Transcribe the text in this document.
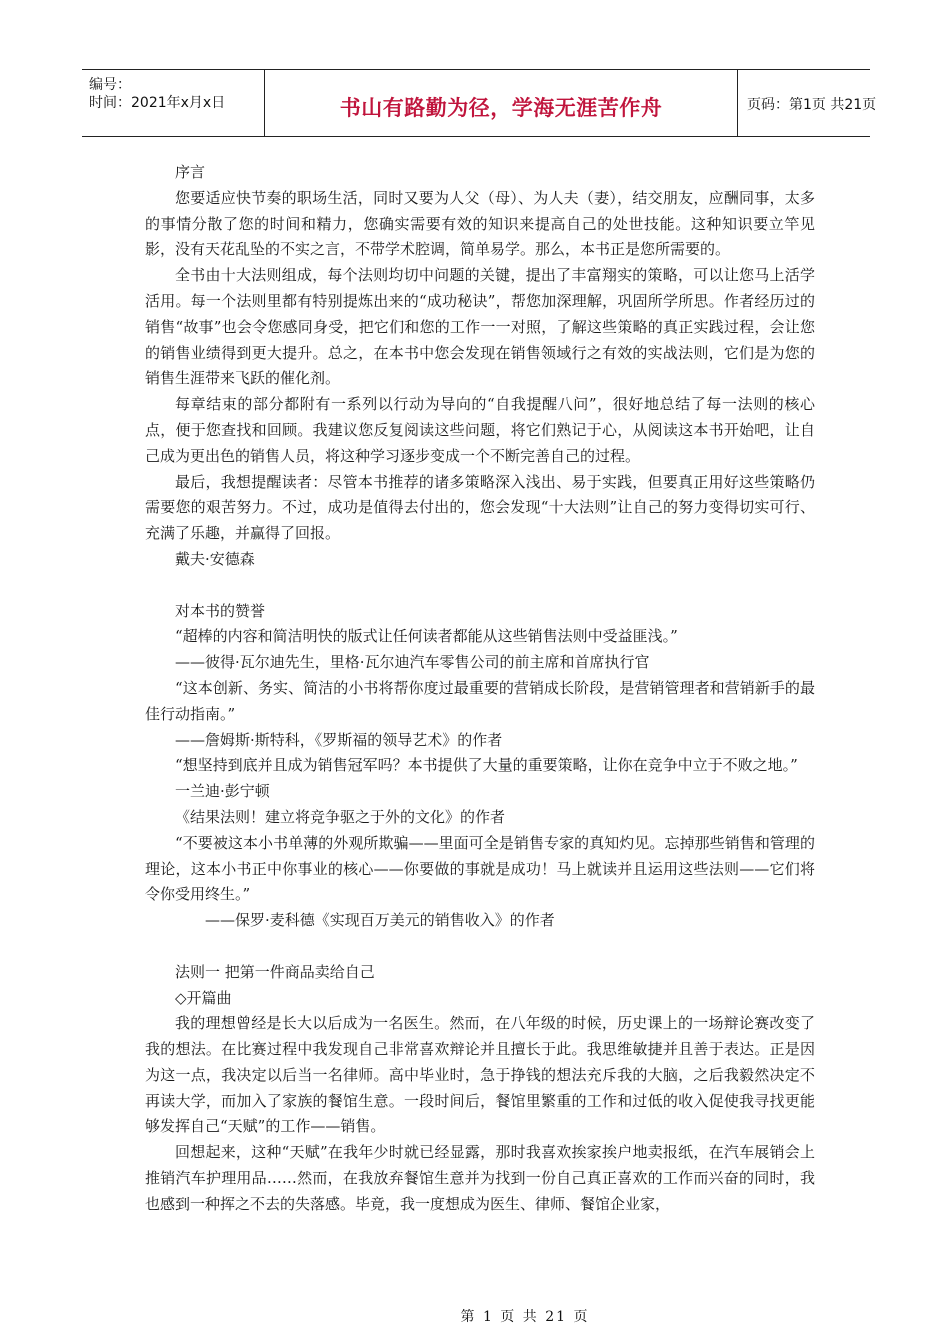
编号：
时间：2021年x月x日	书山有路勤为径，学海无涯苦作舟	页码：第1页 共21页

序言

您要适应快节奏的职场生活，同时又要为人父（母）、为人夫（妻），结交朋友，应酬同事，太多的事情分散了您的时间和精力，您确实需要有效的知识来提高自己的处世技能。这种知识要立竿见影，没有天花乱坠的不实之言，不带学术腔调，简单易学。那么，本书正是您所需要的。

全书由十大法则组成，每个法则均切中问题的关键，提出了丰富翔实的策略，可以让您马上活学活用。每一个法则里都有特别提炼出来的“成功秘诀”，帮您加深理解，巩固所学所思。作者经历过的销售“故事”也会令您感同身受，把它们和您的工作一一对照，了解这些策略的真正实践过程，会让您的销售业绩得到更大提升。总之，在本书中您会发现在销售领域行之有效的实战法则，它们是为您的销售生涯带来飞跃的催化剂。

每章结束的部分都附有一系列以行动为导向的“自我提醒八问”，很好地总结了每一法则的核心点，便于您查找和回顾。我建议您反复阅读这些问题，将它们熟记于心，从阅读这本书开始吧，让自己成为更出色的销售人员，将这种学习逐步变成一个不断完善自己的过程。

最后，我想提醒读者：尽管本书推荐的诸多策略深入浅出、易于实践，但要真正用好这些策略仍需要您的艰苦努力。不过，成功是值得去付出的，您会发现“十大法则”让自己的努力变得切实可行、充满了乐趣，并赢得了回报。

戴夫·安德森

对本书的赞誉

“超棒的内容和简洁明快的版式让任何读者都能从这些销售法则中受益匪浅。”

——彼得·瓦尔迪先生，里格·瓦尔迪汽车零售公司的前主席和首席执行官

“这本创新、务实、简洁的小书将帮你度过最重要的营销成长阶段，是营销管理者和营销新手的最佳行动指南。”

——詹姆斯·斯特科，《罗斯福的领导艺术》的作者

“想坚持到底并且成为销售冠军吗？本书提供了大量的重要策略，让你在竞争中立于不败之地。”

一兰迪·彭宁顿

《结果法则！建立将竞争驱之于外的文化》的作者

“不要被这本小书单薄的外观所欺骗——里面可全是销售专家的真知灼见。忘掉那些销售和管理的理论，这本小书正中你事业的核心——你要做的事就是成功！马上就读并且运用这些法则——它们将令你受用终生。”

——保罗·麦科德《实现百万美元的销售收入》的作者

法则一 把第一件商品卖给自己

◇开篇曲

我的理想曾经是长大以后成为一名医生。然而，在八年级的时候，历史课上的一场辩论赛改变了我的想法。在比赛过程中我发现自己非常喜欢辩论并且擅长于此。我思维敏捷并且善于表达。正是因为这一点，我决定以后当一名律师。高中毕业时，急于挣钱的想法充斥我的大脑，之后我毅然决定不再读大学，而加入了家族的餐馆生意。一段时间后，餐馆里繁重的工作和过低的收入促使我寻找更能够发挥自己“天赋”的工作——销售。

回想起来，这种“天赋”在我年少时就已经显露，那时我喜欢挨家挨户地卖报纸，在汽车展销会上推销汽车护理用品……然而，在我放弃餐馆生意并为找到一份自己真正喜欢的工作而兴奋的同时，我也感到一种挥之不去的失落感。毕竟，我一度想成为医生、律师、餐馆企业家，

第 1 页 共 21 页
